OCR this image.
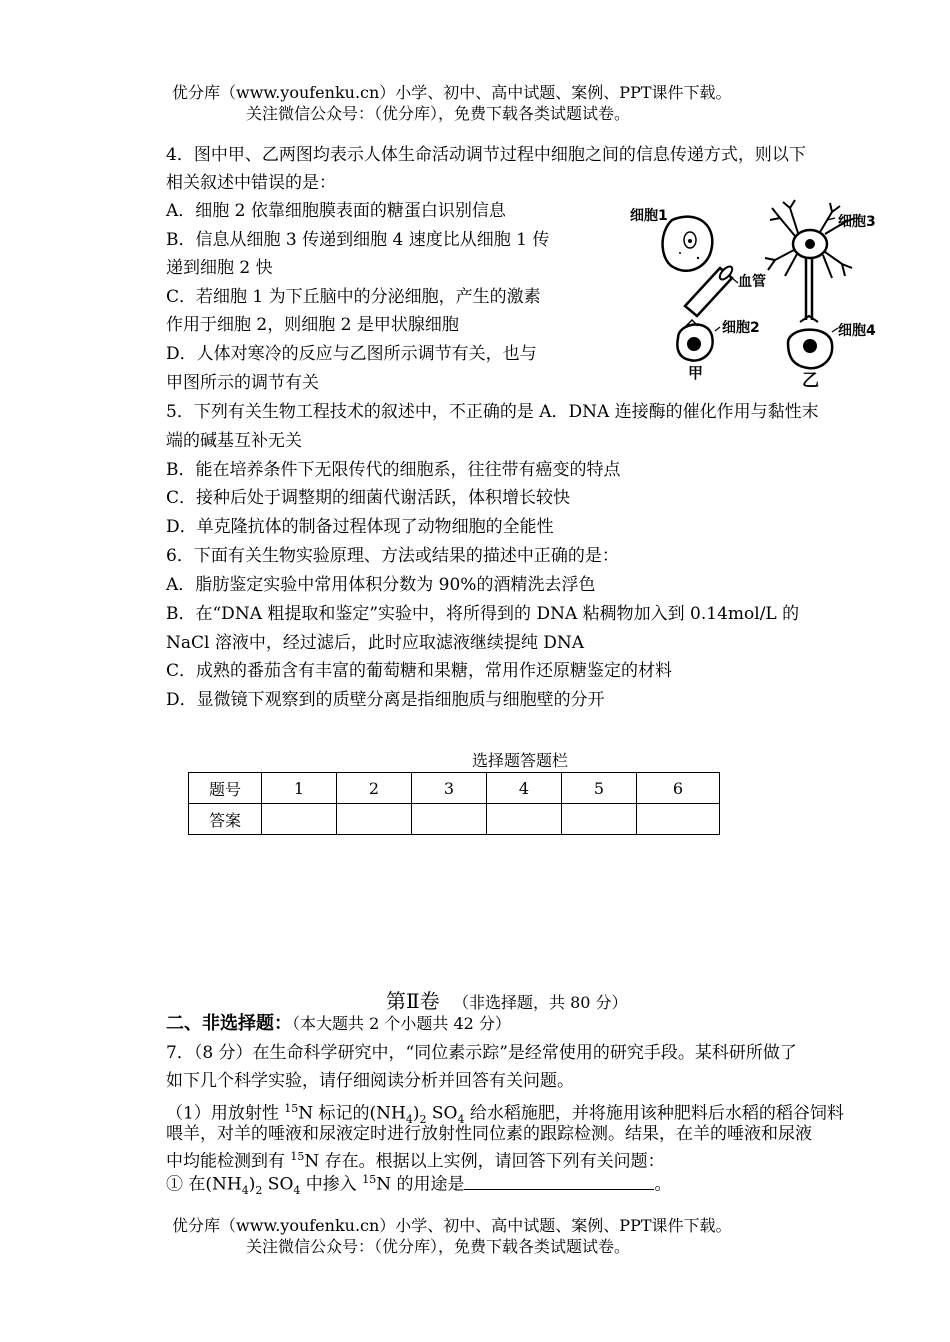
优分库（www.youfenku.cn）小学、初中、高中试题、案例、PPT课件下载。
关注微信公众号：（优分库），免费下载各类试题试卷。
4．图中甲、乙两图均表示人体生命活动调节过程中细胞之间的信息传递方式，则以下
相关叙述中错误的是：
A．细胞 2 依靠细胞膜表面的糖蛋白识别信息
B．信息从细胞 3 传递到细胞 4 速度比从细胞 1 传
递到细胞 2 快
C．若细胞 1 为下丘脑中的分泌细胞，产生的激素
作用于细胞 2，则细胞 2 是甲状腺细胞
D．人体对寒冷的反应与乙图所示调节有关，也与
甲图所示的调节有关
细胞1
血管
细胞2
细胞3
细胞4
甲	乙
5．下列有关生物工程技术的叙述中，不正确的是 A．DNA 连接酶的催化作用与黏性末
端的碱基互补无关
B．能在培养条件下无限传代的细胞系，往往带有癌变的特点
C．接种后处于调整期的细菌代谢活跃，体积增长较快
D．单克隆抗体的制备过程体现了动物细胞的全能性
6．下面有关生物实验原理、方法或结果的描述中正确的是：
A．脂肪鉴定实验中常用体积分数为 90%的酒精洗去浮色
B．在“DNA 粗提取和鉴定”实验中，将所得到的 DNA 粘稠物加入到 0.14mol/L 的
NaCl 溶液中，经过滤后，此时应取滤液继续提纯 DNA
C．成熟的番茄含有丰富的葡萄糖和果糖，常用作还原糖鉴定的材料
D．显微镜下观察到的质壁分离是指细胞质与细胞壁的分开
选择题答题栏
题号	1	2	3	4	5	6
答案						
第Ⅱ卷 （非选择题，共 80 分）
二、非选择题：（本大题共 2 个小题共 42 分）
7．（8 分）在生命科学研究中，“同位素示踪”是经常使用的研究手段。某科研所做了
如下几个科学实验，请仔细阅读分析并回答有关问题。
（1）用放射性 $^{15}$N 标记的$(NH_4)_2$ $SO_4$ 给水稻施肥，并将施用该种肥料后水稻的稻谷饲料
喂羊，对羊的唾液和尿液定时进行放射性同位素的跟踪检测。结果，在羊的唾液和尿液
中均能检测到有 $^{15}$N 存在。根据以上实例，请回答下列有关问题：
① 在$(NH_4)_2$ $SO_4$ 中掺入 $^{15}$N 的用途是	。
优分库（www.youfenku.cn）小学、初中、高中试题、案例、PPT课件下载。
关注微信公众号：（优分库），免费下载各类试题试卷。
